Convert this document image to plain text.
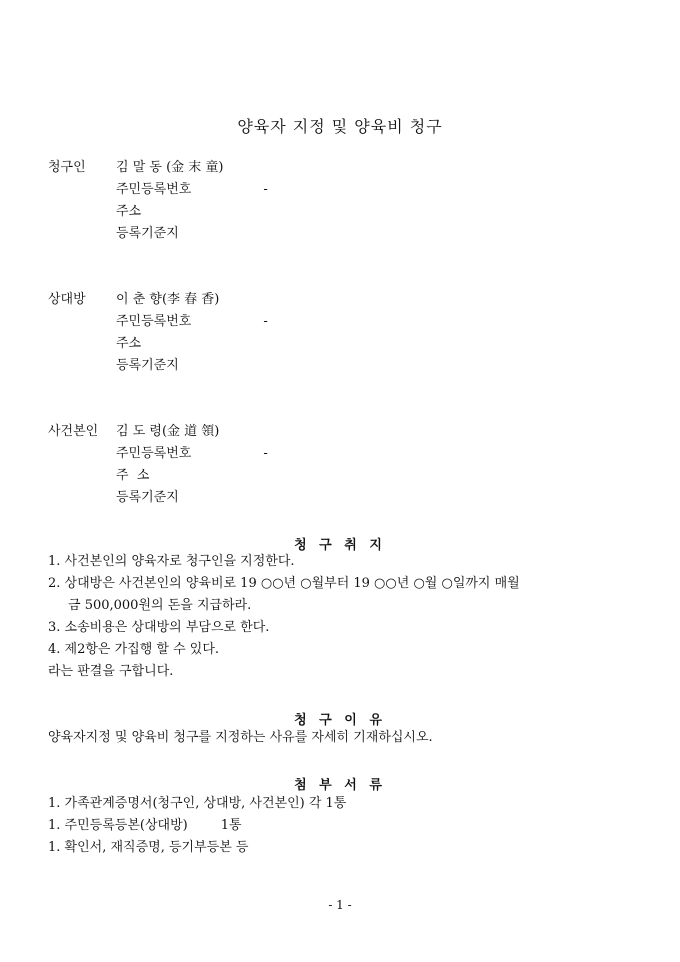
양육자 지정 및 양육비 청구
청구인 김 말 동 (金 末 童)
주민등록번호	-
주소
등록기준지
상대방 이 춘 향(李 春 香)
주민등록번호	-
주소
등록기준지
사건본인 김 도 령(金 道 領)
주민등록번호	-
주  소
등록기준지
청 구 취 지
1. 사건본인의 양육자로 청구인을 지정한다.
2. 상대방은 사건본인의 양육비로 19 ○○년 ○월부터 19 ○○년 ○월 ○일까지 매월
금 500,000원의 돈을 지급하라.
3. 소송비용은 상대방의 부담으로 한다.
4. 제2항은 가집행 할 수 있다.
라는 판결을 구합니다.
청 구 이 유
양육자지정 및 양육비 청구를 지정하는 사유를 자세히 기재하십시오.
첨 부 서 류
1. 가족관계증명서(청구인, 상대방, 사건본인) 각 1통
1. 주민등록등본(상대방)        1통
1. 확인서, 재직증명, 등기부등본 등
- 1 -
